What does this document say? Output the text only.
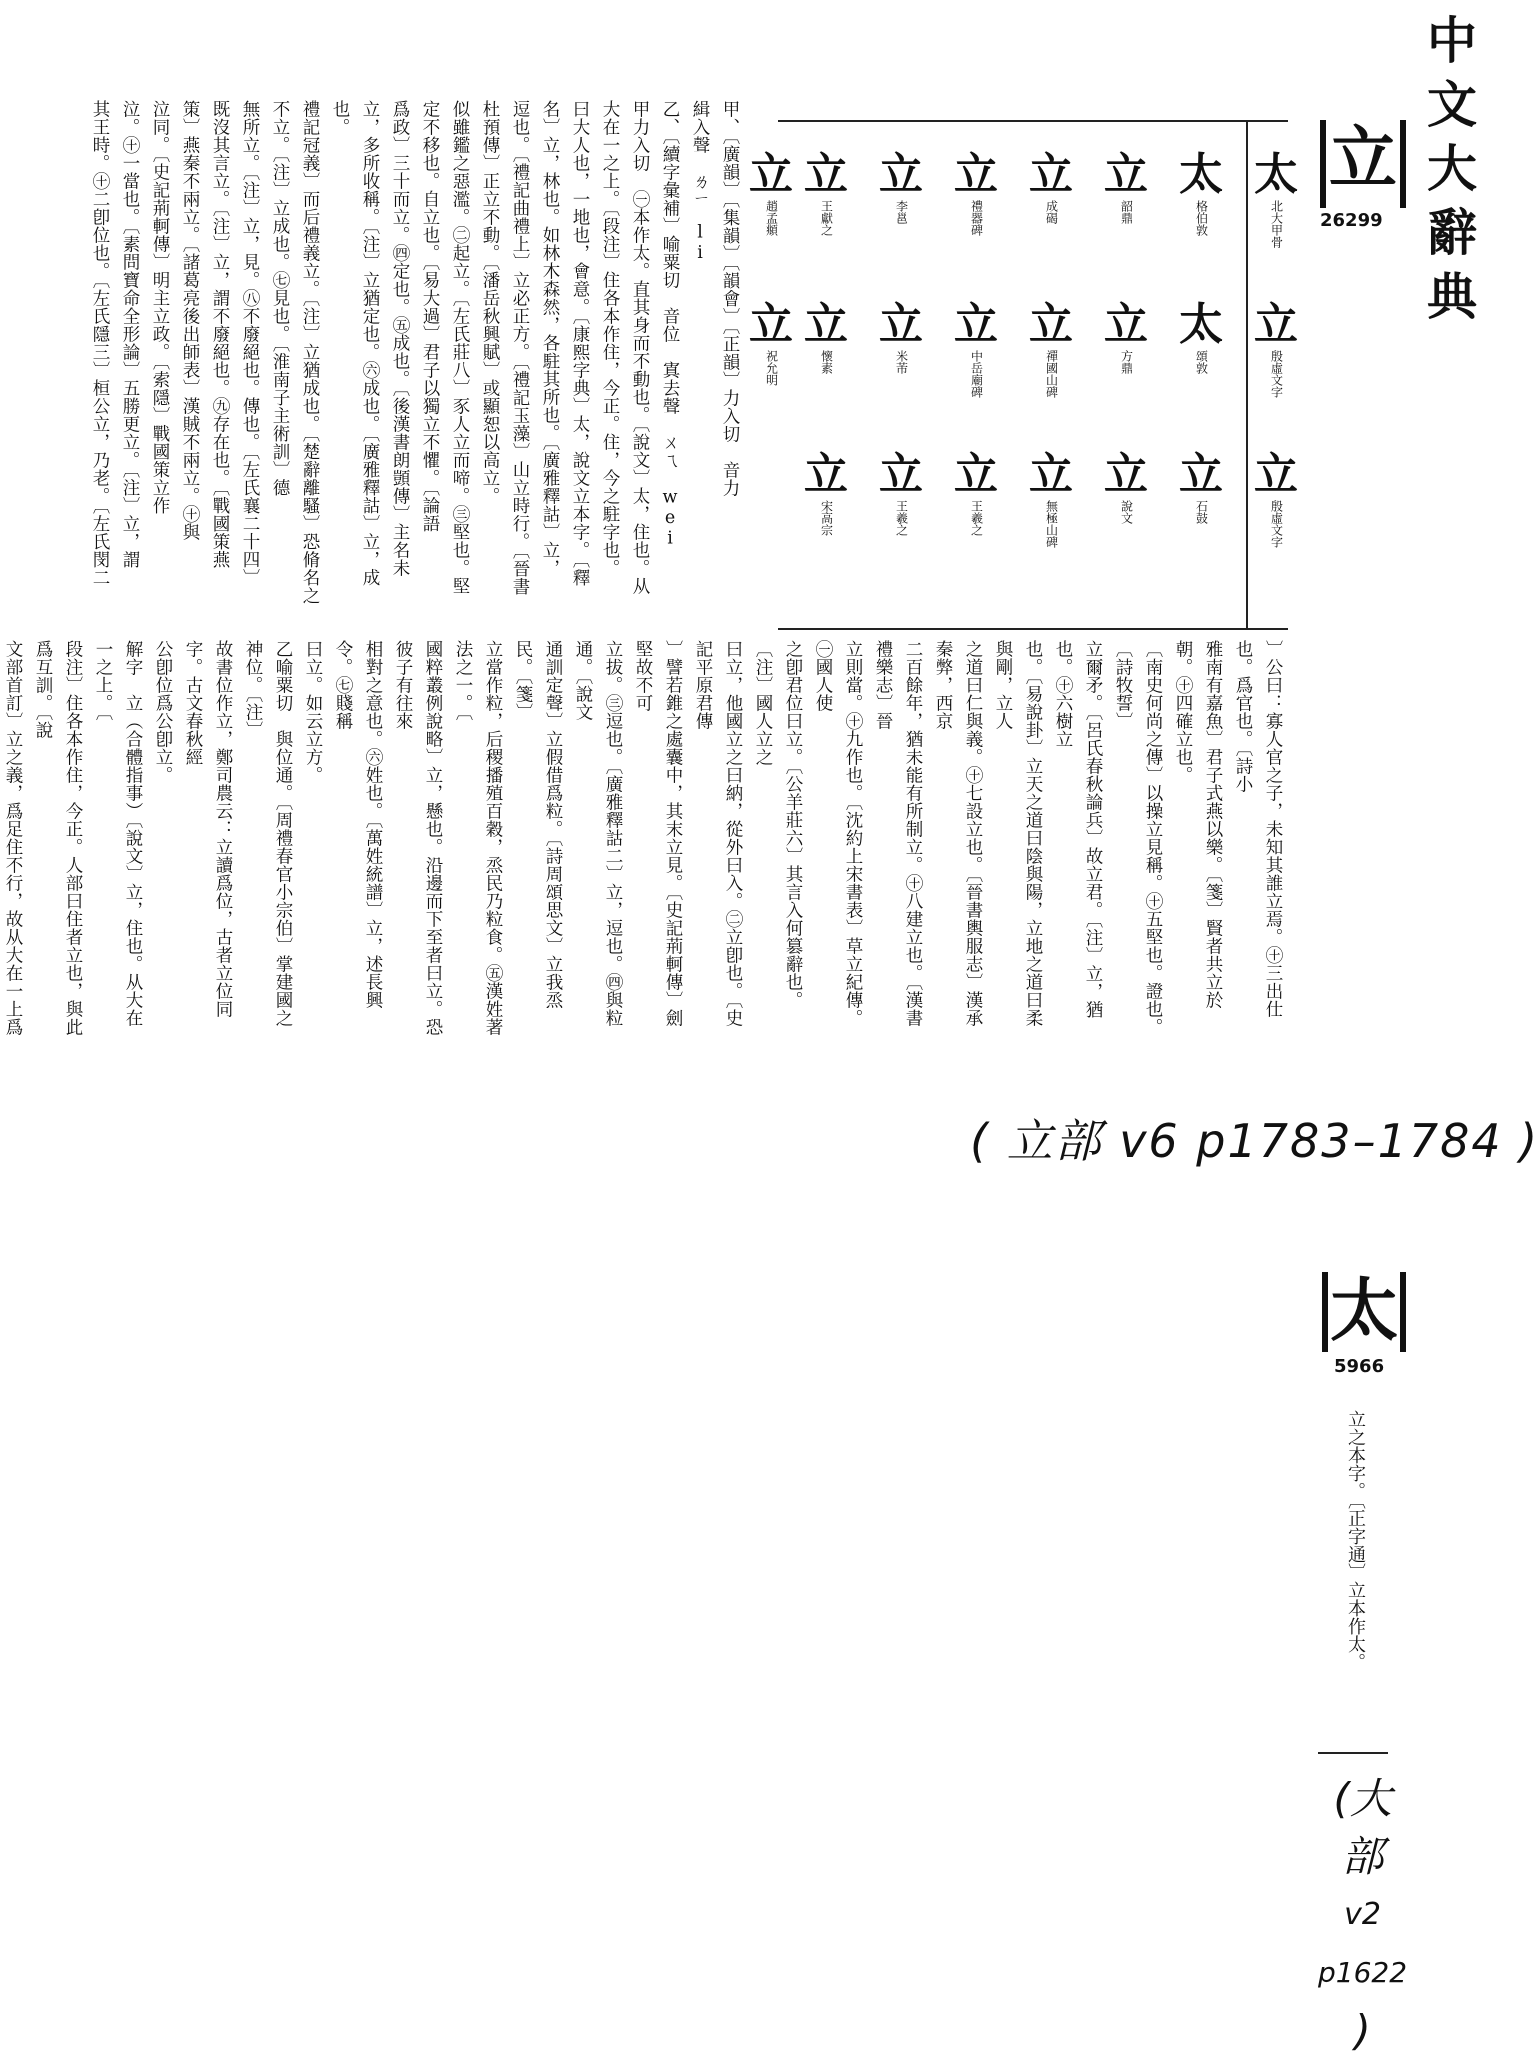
中文大辭典
立
26299
太
北大甲骨
立
殷虛文字
立
殷虛文字
太
格伯敦
太
頌敦
立
石鼓
立
韶鼎
立
方鼎
立
說文
立
成碣
立
禪國山碑
立
無極山碑
立
禮器碑
立
中岳廟碑
立
王羲之
立
李邕
立
米芾
立
王羲之
立
王獻之
立
懷素
立
宋高宗
立
趙孟頫
立
祝允明

甲、〔廣韻〕〔集韻〕〔韻會〕〔正韻〕力入切　音力

緝入聲　ㄌㄧ　li

乙、〔續字彙補〕喻粟切　音位　寘去聲　ㄨㄟ　wei

甲力入切　㊀本作太。直其身而不動也。〔說文〕太，住也。从大在一之上。〔段注〕住各本作住，今正。住，今之駐字也。

曰大人也，一地也，會意。〔康熙字典〕太，說文立本字。〔釋名〕立，林也。如林木森然，各駐其所也。〔廣雅釋詁〕立，

逗也。〔禮記曲禮上〕立必正方。〔禮記玉藻〕山立時行。〔晉書杜預傳〕正立不動。〔潘岳秋興賦〕或顯恕以高立。

似雖鑑之惡濫。㊁起立。〔左氏莊八〕豕人立而啼。㊂堅也。堅定不移也。自立也。〔易大過〕君子以獨立不懼。〔論語

爲政〕三十而立。㊃定也。㊄成也。〔後漢書朗顗傳〕主名未立，多所收稱。〔注〕立猶定也。㊅成也。〔廣雅釋詁〕立，成也。

禮記冠義〕而后禮義立。〔注〕立猶成也。〔楚辭離騷〕恐脩名之不立。〔注〕立成也。㊆見也。〔淮南子主術訓〕德

無所立。〔注〕立，見。㊇不廢絕也。傳也。〔左氏襄二十四〕

既沒其言立。〔注〕立，謂不廢絕也。㊈存在也。〔戰國策燕

策〕燕秦不兩立。〔諸葛亮後出師表〕漢賊不兩立。㊉與

泣同。〔史記荊軻傳〕明主立政。〔索隱〕戰國策立作

泣。㊉一當也。〔素問寶命全形論〕五勝更立。〔注〕立，謂

其王時。㊉二卽位也。〔左氏隱三〕桓公立，乃老。〔左氏閔二

〕公曰：寡人官之子，未知其誰立焉。㊉三出仕也。爲官也。〔詩小

雅南有嘉魚〕君子式燕以樂。〔箋〕賢者共立於朝。㊉四確立也。

〔南史何尚之傳〕以操立見稱。㊉五堅也。證也。〔詩牧誓〕

立爾矛。〔呂氏春秋論兵〕故立君。〔注〕立，猶也。㊉六樹立

也。〔易說卦〕立天之道曰陰與陽，立地之道曰柔與剛，立人

之道曰仁與義。㊉七設立也。〔晉書輿服志〕漢承秦弊，西京

二百餘年，猶未能有所制立。㊉八建立也。〔漢書禮樂志〕晉

立則當。㊉九作也。〔沈約上宋書表〕草立紀傳。㊀國人使

之卽君位曰立。〔公羊莊六〕其言入何篡辭也。〔注〕國人立之

曰立，他國立之曰納，從外曰入。㊁立卽也。〔史記平原君傳

〕譬若錐之處囊中，其末立見。〔史記荊軻傳〕劍堅故不可

立拔。㊂逗也。〔廣雅釋詁二〕立，逗也。㊃與粒通。〔說文

通訓定聲〕立假借爲粒。〔詩周頌思文〕立我烝民。〔箋〕

立當作粒，后稷播殖百穀，烝民乃粒食。㊄漢姓著法之一。〔

國粹叢例說略〕立，懸也。沿邊而下至者曰立。恐彼子有往來

相對之意也。㊅姓也。〔萬姓統譜〕立，述長興令。㊆賤稱

曰立。如云立方。

乙喻粟切　與位通。〔周禮春官小宗伯〕掌建國之神位。〔注〕

故書位作立，鄭司農云：立讀爲位，古者立位同字。古文春秋經

公卽位爲公卽立。

解字　立（合體指事）〔說文〕立，住也。从大在一之上。〔

段注〕住各本作住，今正。人部曰住者立也，與此爲互訓。〔說

文部首訂〕立之義，爲足住不行，故从大在一上爲

( 立部 v6 p1783–1784 )
太
5966
立之本字。〔正字通〕立本作太。
(大
部
v2
p1622
)
